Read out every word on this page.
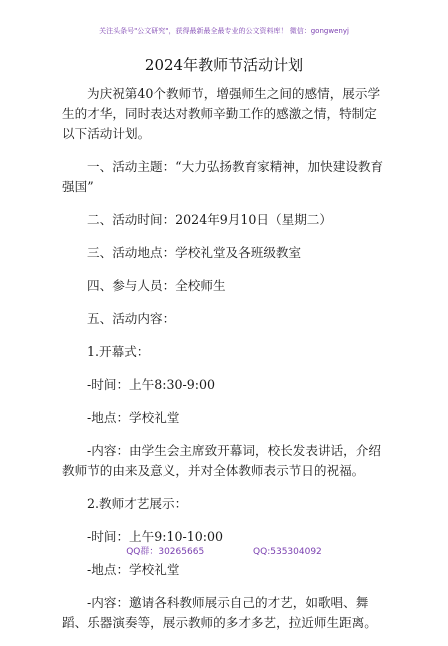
关注头条号"公文研究"，获得最新最全最专业的公文资料库！ 微信：gongwenyj
2024年教师节活动计划

为庆祝第40个教师节，增强师生之间的感情，展示学生的才华，同时表达对教师辛勤工作的感激之情，特制定以下活动计划。

一、活动主题：“大力弘扬教育家精神，加快建设教育强国”

二、活动时间：2024年9月10日（星期二）

三、活动地点：学校礼堂及各班级教室

四、参与人员：全校师生

五、活动内容：

1.开幕式：

-时间：上午8:30-9:00

-地点：学校礼堂

-内容：由学生会主席致开幕词，校长发表讲话，介绍教师节的由来及意义，并对全体教师表示节日的祝福。

2.教师才艺展示：

-时间：上午9:10-10:00

-地点：学校礼堂

-内容：邀请各科教师展示自己的才艺，如歌唱、舞蹈、乐器演奏等，展示教师的多才多艺，拉近师生距离。

QQ群：30265665	QQ:535304092
